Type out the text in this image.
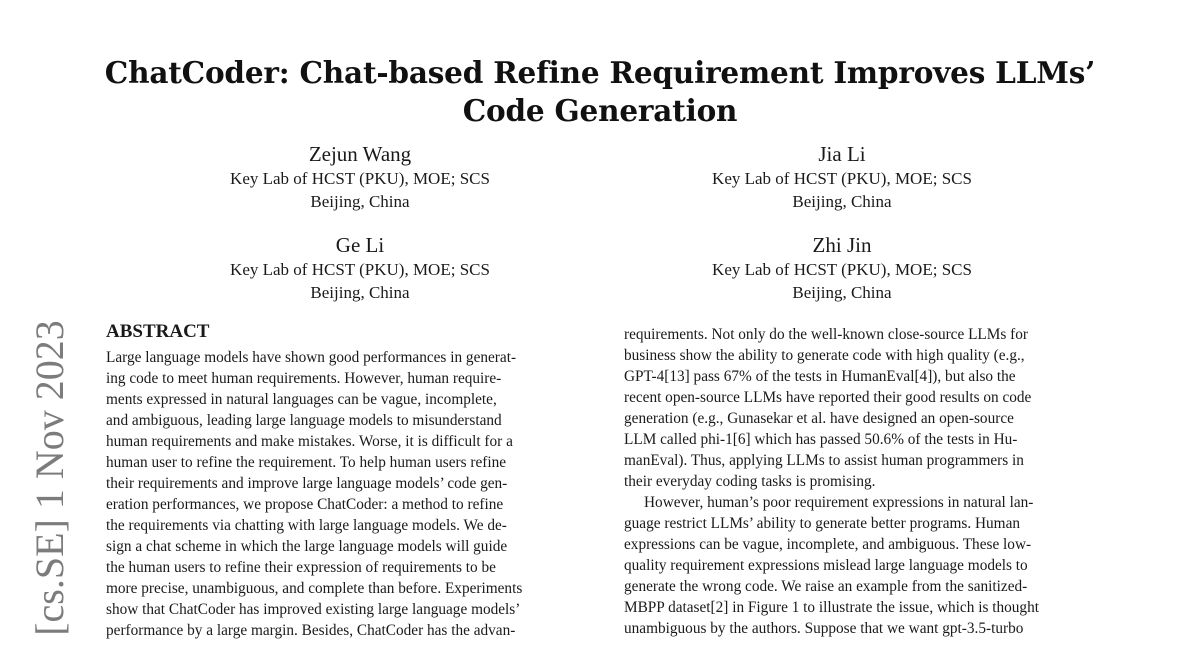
ChatCoder: Chat-based Refine Requirement Improves LLMs’
Code Generation
Zejun Wang
Key Lab of HCST (PKU), MOE; SCS
Beijing, China
Jia Li
Key Lab of HCST (PKU), MOE; SCS
Beijing, China
Ge Li
Key Lab of HCST (PKU), MOE; SCS
Beijing, China
Zhi Jin
Key Lab of HCST (PKU), MOE; SCS
Beijing, China
[cs.SE] 1 Nov 2023 ABSTRACT
Large language models have shown good performances in generat-
ing code to meet human requirements. However, human require-
ments expressed in natural languages can be vague, incomplete,
and ambiguous, leading large language models to misunderstand
human requirements and make mistakes. Worse, it is difficult for a
human user to refine the requirement. To help human users refine
their requirements and improve large language models’ code gen-
eration performances, we propose ChatCoder: a method to refine
the requirements via chatting with large language models. We de-
sign a chat scheme in which the large language models will guide
the human users to refine their expression of requirements to be
more precise, unambiguous, and complete than before. Experiments
show that ChatCoder has improved existing large language models’
performance by a large margin. Besides, ChatCoder has the advan-
requirements. Not only do the well-known close-source LLMs for
business show the ability to generate code with high quality (e.g.,
GPT-4[13] pass 67% of the tests in HumanEval[4]), but also the
recent open-source LLMs have reported their good results on code
generation (e.g., Gunasekar et al. have designed an open-source
LLM called phi-1[6] which has passed 50.6% of the tests in Hu-
manEval). Thus, applying LLMs to assist human programmers in
their everyday coding tasks is promising.
However, human’s poor requirement expressions in natural lan-
guage restrict LLMs’ ability to generate better programs. Human
expressions can be vague, incomplete, and ambiguous. These low-
quality requirement expressions mislead large language models to
generate the wrong code. We raise an example from the sanitized-
MBPP dataset[2] in Figure 1 to illustrate the issue, which is thought
unambiguous by the authors. Suppose that we want gpt-3.5-turbo
